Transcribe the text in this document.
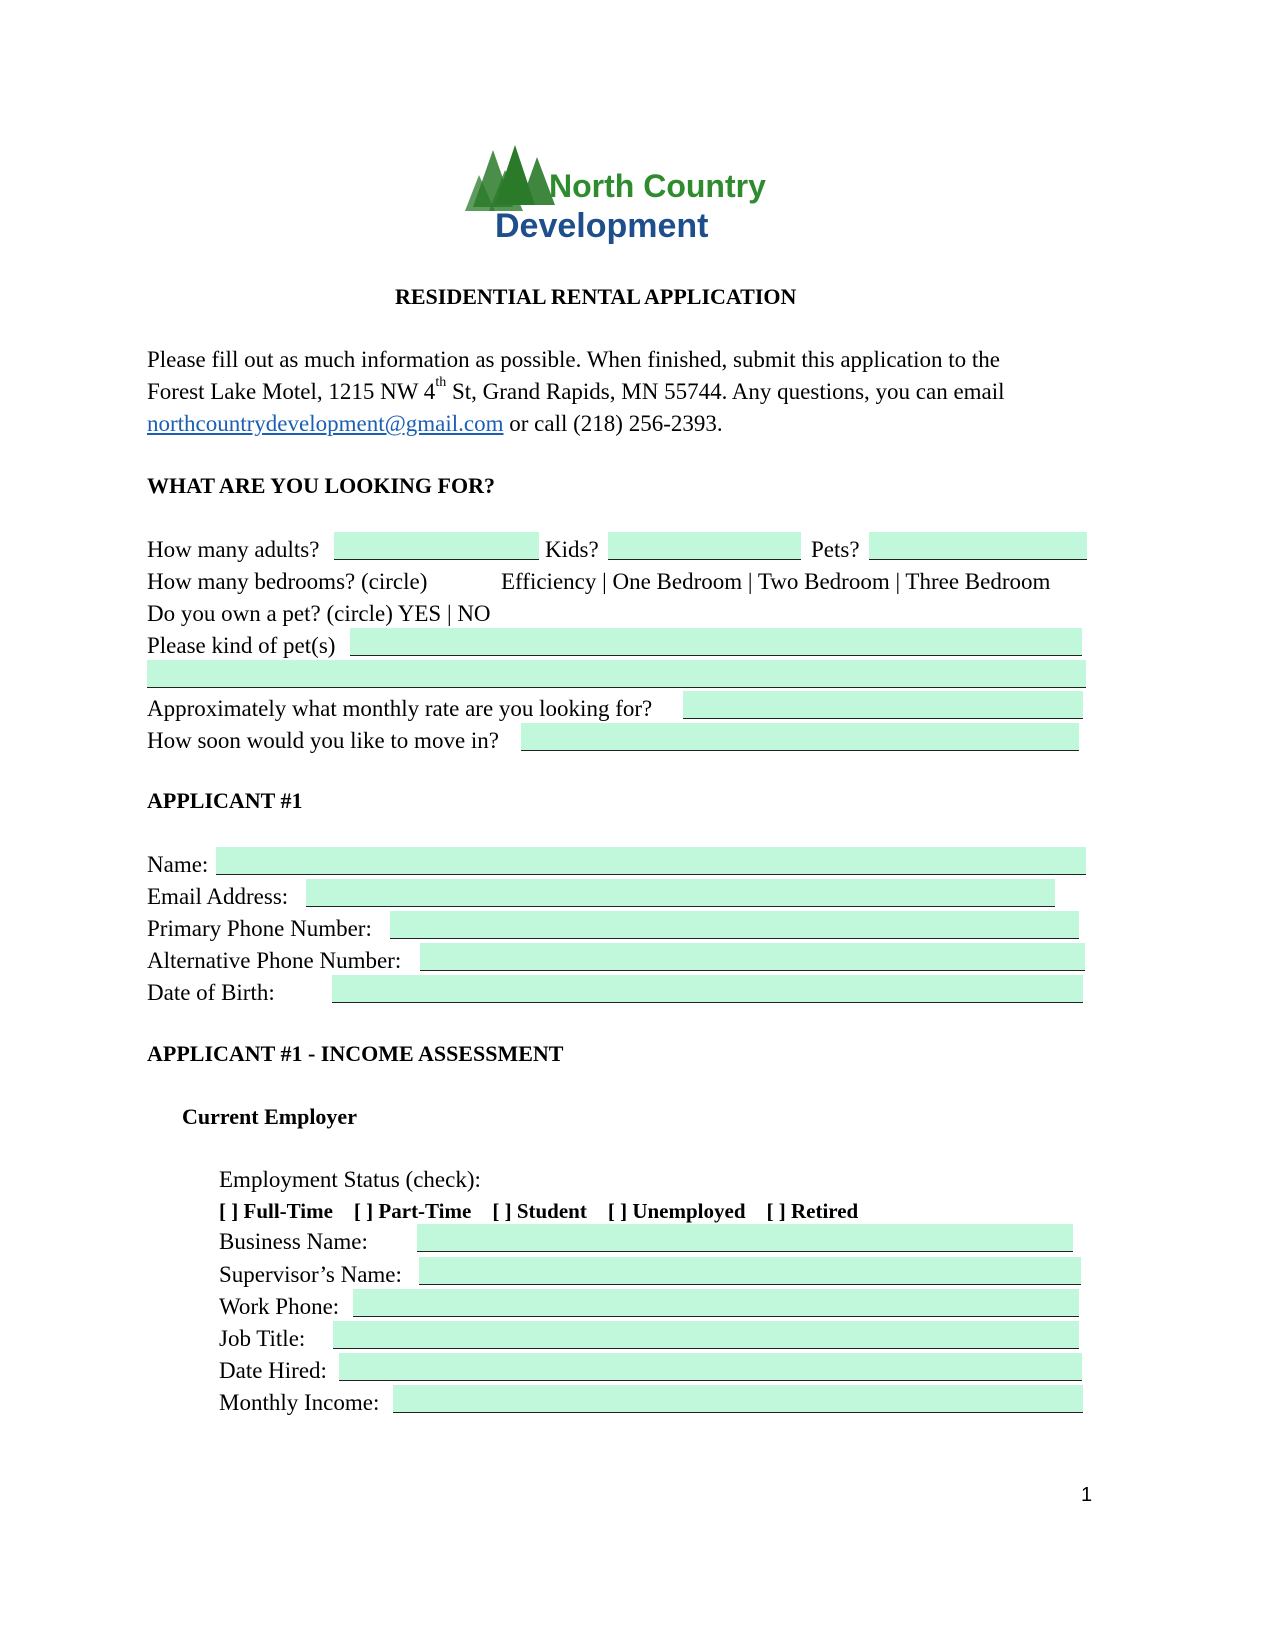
North Country
Development
RESIDENTIAL RENTAL APPLICATION
Please fill out as much information as possible. When finished, submit this application to the
Forest Lake Motel, 1215 NW 4th St, Grand Rapids, MN 55744. Any questions, you can email
northcountrydevelopment@gmail.com or call (218) 256-2393.
WHAT ARE YOU LOOKING FOR?
How many adults?	Kids?	Pets?
How many bedrooms? (circle)	Efficiency | One Bedroom | Two Bedroom | Three Bedroom
Do you own a pet? (circle) YES | NO
Please kind of pet(s)
Approximately what monthly rate are you looking for?
How soon would you like to move in?
APPLICANT #1
Name:
Email Address:
Primary Phone Number:
Alternative Phone Number:
Date of Birth:
APPLICANT #1 - INCOME ASSESSMENT
Current Employer
Employment Status (check):
[ ] Full-Time    [ ] Part-Time    [ ] Student    [ ] Unemployed    [ ] Retired
Business Name:
Supervisor’s Name:
Work Phone:
Job Title:
Date Hired:
Monthly Income:
1
